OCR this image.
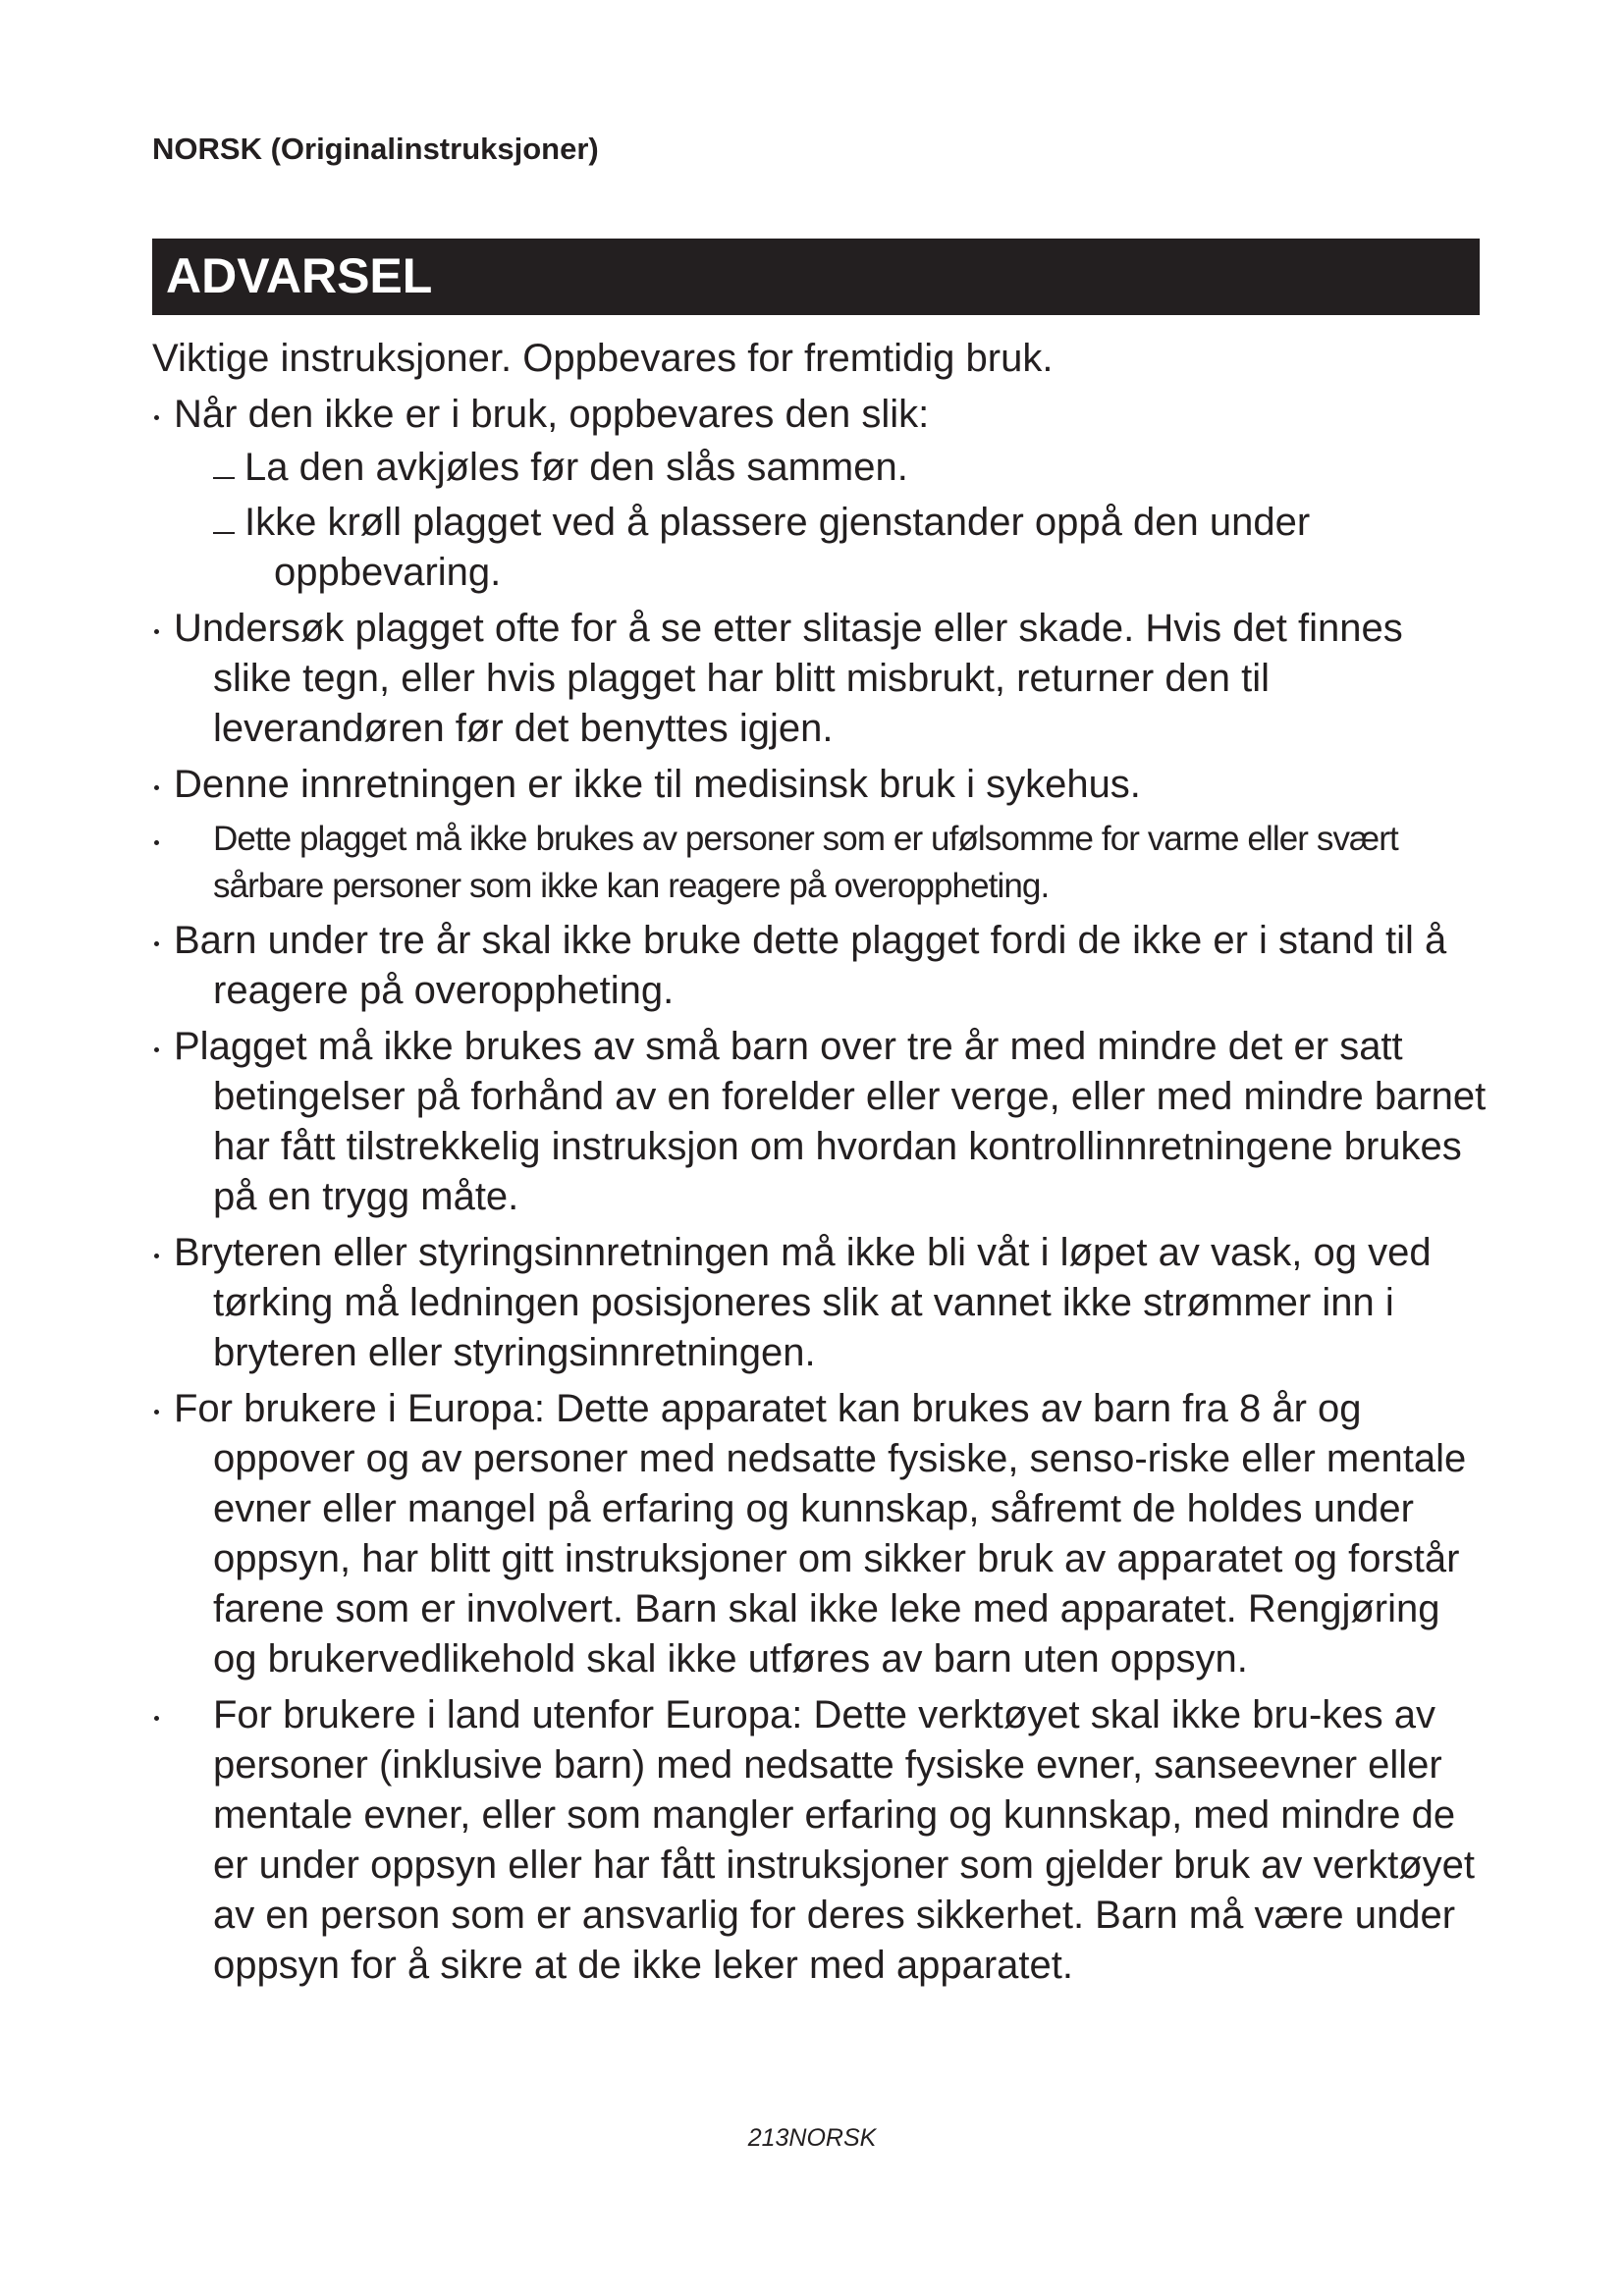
NORSK (Originalinstruksjoner)
ADVARSEL

Viktige instruksjoner. Oppbevares for fremtidig bruk.

Når den ikke er i bruk, oppbevares den slik:
La den avkjøles før den slås sammen.
Ikke krøll plagget ved å plassere gjenstander oppå den under oppbevaring.
Undersøk plagget ofte for å se etter slitasje eller skade. Hvis det finnes slike tegn, eller hvis plagget har blitt misbrukt, returner den til leverandøren før det benyttes igjen.
Denne innretningen er ikke til medisinsk bruk i sykehus.
Dette plagget må ikke brukes av personer som er ufølsomme for varme eller svært sårbare personer som ikke kan reagere på overoppheting.
Barn under tre år skal ikke bruke dette plagget fordi de ikke er i stand til å reagere på overoppheting.
Plagget må ikke brukes av små barn over tre år med mindre det er satt betingelser på forhånd av en forelder eller verge, eller med mindre barnet har fått tilstrekkelig instruksjon om hvordan kontrollinnretningene brukes på en trygg måte.
Bryteren eller styringsinnretningen må ikke bli våt i løpet av vask, og ved tørking må ledningen posisjoneres slik at vannet ikke strømmer inn i bryteren eller styringsinnretningen.
For brukere i Europa: Dette apparatet kan brukes av barn fra 8 år og oppover og av personer med nedsatte fysiske, senso-riske eller mentale evner eller mangel på erfaring og kunnskap, såfremt de holdes under oppsyn, har blitt gitt instruksjoner om sikker bruk av apparatet og forstår farene som er involvert. Barn skal ikke leke med apparatet. Rengjøring og brukervedlikehold skal ikke utføres av barn uten oppsyn.
For brukere i land utenfor Europa: Dette verktøyet skal ikke bru-kes av personer (inklusive barn) med nedsatte fysiske evner, sanseevner eller mentale evner, eller som mangler erfaring og kunnskap, med mindre de er under oppsyn eller har fått instruksjoner som gjelder bruk av verktøyet av en person som er ansvarlig for deres sikkerhet. Barn må være under oppsyn for å sikre at de ikke leker med apparatet.
213NORSK
